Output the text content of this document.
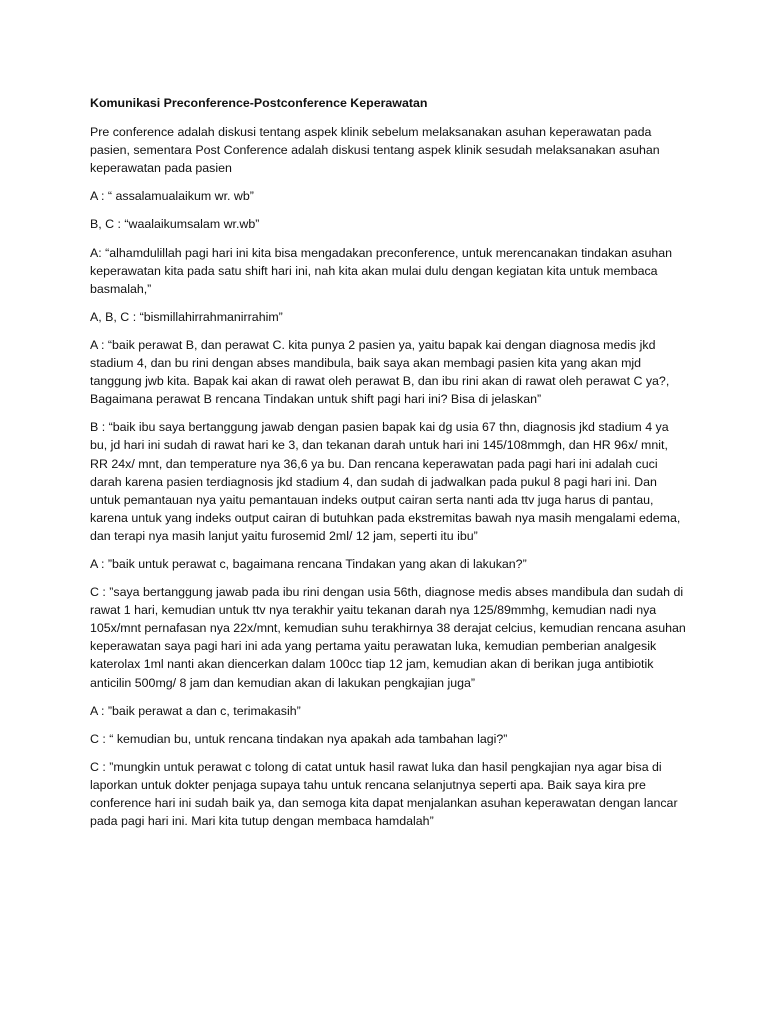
Komunikasi Preconference-Postconference Keperawatan

Pre conference adalah diskusi tentang aspek klinik sebelum melaksanakan asuhan keperawatan pada pasien, sementara Post Conference adalah diskusi tentang aspek klinik sesudah melaksanakan asuhan keperawatan pada pasien

A : “ assalamualaikum wr. wb”

B, C : “waalaikumsalam wr.wb”

A: “alhamdulillah pagi hari ini kita bisa mengadakan preconference, untuk merencanakan tindakan asuhan keperawatan kita pada satu shift hari ini, nah kita akan mulai dulu dengan kegiatan kita untuk membaca basmalah,”

A, B, C : “bismillahirrahmanirrahim”

A : “baik perawat B, dan perawat C. kita punya 2 pasien ya, yaitu bapak kai dengan diagnosa medis jkd stadium 4, dan bu rini dengan abses mandibula, baik saya akan membagi pasien kita yang akan mjd tanggung jwb kita. Bapak kai akan di rawat oleh perawat B, dan ibu rini akan di rawat oleh perawat C ya?, Bagaimana perawat B rencana Tindakan untuk shift pagi hari ini? Bisa di jelaskan”

B : “baik ibu saya bertanggung jawab dengan pasien bapak kai dg usia 67 thn, diagnosis jkd stadium 4 ya bu, jd hari ini sudah di rawat hari ke 3, dan tekanan darah untuk hari ini 145/108mmgh, dan HR 96x/ mnit, RR 24x/ mnt, dan temperature nya 36,6 ya bu. Dan rencana keperawatan pada pagi hari ini adalah cuci darah karena pasien terdiagnosis jkd stadium 4, dan sudah di jadwalkan pada pukul 8 pagi hari ini. Dan untuk pemantauan nya yaitu pemantauan indeks output cairan serta nanti ada ttv juga harus di pantau, karena untuk yang indeks output cairan di butuhkan pada ekstremitas bawah nya masih mengalami edema, dan terapi nya masih lanjut yaitu furosemid 2ml/ 12 jam, seperti itu ibu”

A : ”baik untuk perawat c, bagaimana rencana Tindakan yang akan di lakukan?”

C : ”saya bertanggung jawab pada ibu rini dengan usia 56th, diagnose medis abses mandibula dan sudah di rawat 1 hari, kemudian untuk ttv nya terakhir yaitu tekanan darah nya 125/89mmhg, kemudian nadi nya 105x/mnt pernafasan nya 22x/mnt, kemudian suhu terakhirnya 38 derajat celcius, kemudian rencana asuhan keperawatan saya pagi hari ini ada yang pertama yaitu perawatan luka, kemudian pemberian analgesik katerolax 1ml nanti akan diencerkan dalam 100cc tiap 12 jam, kemudian akan di berikan juga antibiotik anticilin 500mg/ 8 jam dan kemudian akan di lakukan pengkajian juga”

A : ”baik perawat a dan c, terimakasih”

C : “ kemudian bu, untuk rencana tindakan nya apakah ada tambahan lagi?”

C : ”mungkin untuk perawat c tolong di catat untuk hasil rawat luka dan hasil pengkajian nya agar bisa di laporkan untuk dokter penjaga supaya tahu untuk rencana selanjutnya seperti apa. Baik saya kira pre conference hari ini sudah baik ya, dan semoga kita dapat menjalankan asuhan keperawatan dengan lancar pada pagi hari ini. Mari kita tutup dengan membaca hamdalah”
